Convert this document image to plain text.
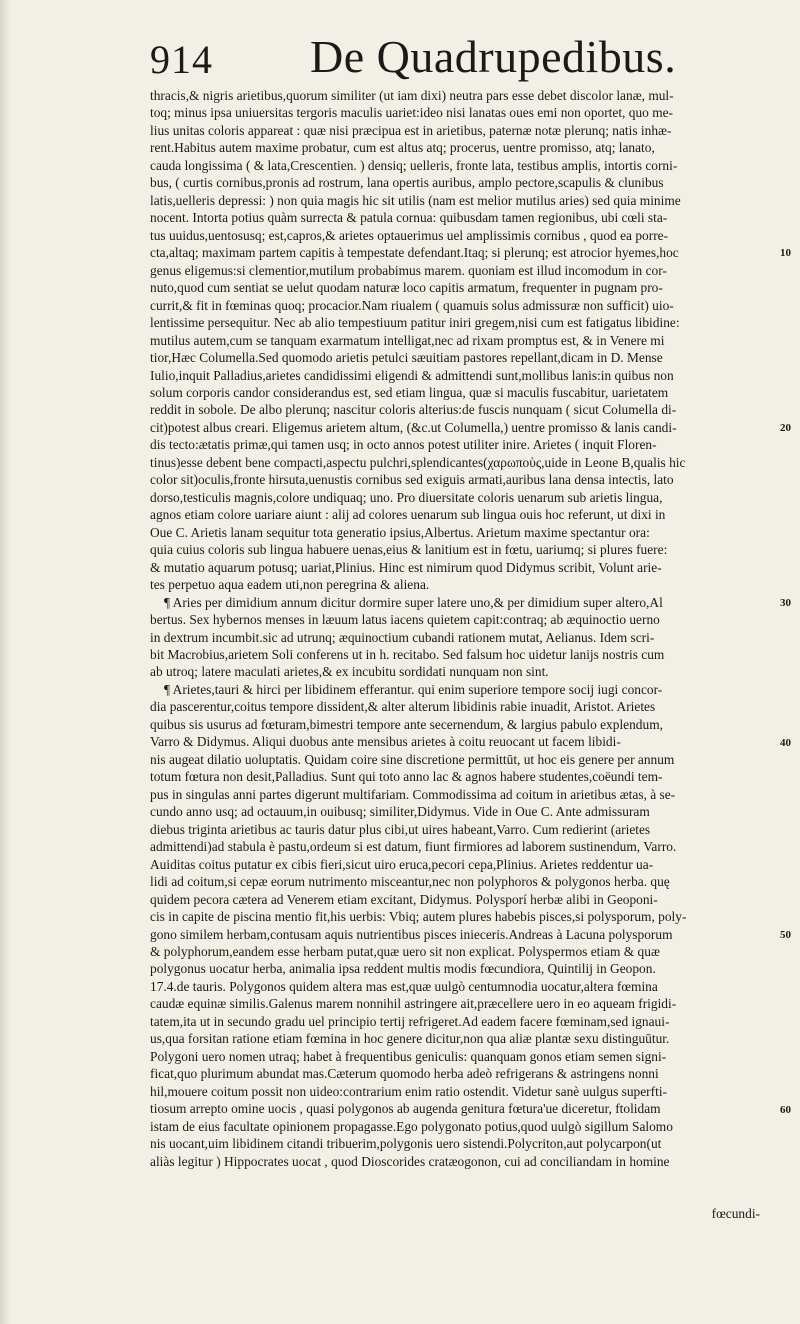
914 De Quadrupedibus.
thracis,& nigris arietibus,quorum similiter (ut iam dixi) neutra pars esse debet discolor lanæ, mul-
toq; minus ipsa uniuersitas tergoris maculis uariet:ideo nisi lanatas oues emi non oportet, quo me-
lius unitas coloris appareat : quæ nisi præcipua est in arietibus, paternæ notæ plerunq; natis inhæ-
rent.Habitus autem maxime probatur, cum est altus atq; procerus, uentre promisso, atq; lanato,
cauda longissima ( & lata,Crescentien. ) densiq; uelleris, fronte lata, testibus amplis, intortis corni-
bus, ( curtis cornibus,pronis ad rostrum, lana opertis auribus, amplo pectore,scapulis & clunibus
latis,uelleris depressi: ) non quia magis hic sit utilis (nam est melior mutilus aries) sed quia minime
nocent. Intorta potius quàm surrecta & patula cornua: quibusdam tamen regionibus, ubi cœli sta-
tus uuidus,uentosusq; est,capros,& arietes optauerimus uel amplissimis cornibus , quod ea porre-
cta,altaq; maximam partem capitis à tempestate defendant.Itaq; si plerunq; est atrocior hyemes,hoc
genus eligemus:si clementior,mutilum probabimus marem. quoniam est illud incomodum in cor-
nuto,quod cum sentiat se uelut quodam naturæ loco capitis armatum, frequenter in pugnam pro-
currit,& fit in fœminas quoq; procacior.Nam riualem ( quamuis solus admissuræ non sufficit) uio-
lentissime persequitur. Nec ab alio tempestiuum patitur iniri gregem,nisi cum est fatigatus libidine:
mutilus autem,cum se tanquam exarmatum intelligat,nec ad rixam promptus est, & in Venere mi
tior,Hæc Columella.Sed quomodo arietis petulci sæuitiam pastores repellant,dicam in D. Mense
Iulio,inquit Palladius,arietes candidissimi eligendi & admittendi sunt,mollibus lanis:in quibus non
solum corporis candor considerandus est, sed etiam lingua, quæ si maculis fuscabitur, uarietatem
reddit in sobole. De albo plerunq; nascitur coloris alterius:de fuscis nunquam ( sicut Columella di-
cit)potest albus creari. Eligemus arietem altum, (&c.ut Columella,) uentre promisso & lanis candi-
dis tecto:ætatis primæ,qui tamen usq; in octo annos potest utiliter inire. Arietes ( inquit Floren-
tinus)esse debent bene compacti,aspectu pulchri,splendicantes(χαρωποὺς,uide in Leone B,qualis hic
color sit)oculis,fronte hirsuta,uenustis cornibus sed exiguis armati,auribus lana densa intectis, lato
dorso,testiculis magnis,colore undiquaq; uno. Pro diuersitate coloris uenarum sub arietis lingua,
agnos etiam colore uariare aiunt : alij ad colores uenarum sub lingua ouis hoc referunt, ut dixi in
Oue C. Arietis lanam sequitur tota generatio ipsius,Albertus. Arietum maxime spectantur ora:
quia cuius coloris sub lingua habuere uenas,eius & lanitium est in fœtu, uariumq; si plures fuere:
& mutatio aquarum potusq; uariat,Plinius. Hinc est nimirum quod Didymus scribit, Volunt arie-
tes perpetuo aqua eadem uti,non peregrina & aliena.
¶ Aries per dimidium annum dicitur dormire super latere uno,& per dimidium super altero,Al
bertus. Sex hybernos menses in læuum latus iacens quietem capit:contraq; ab æquinoctio uerno
in dextrum incumbit.sic ad utrunq; æquinoctium cubandi rationem mutat, Aelianus. Idem scri-
bit Macrobius,arietem Soli conferens ut in h. recitabo. Sed falsum hoc uidetur lanijs nostris cum
ab utroq; latere maculati arietes,& ex incubitu sordidati nunquam non sint.
¶ Arietes,tauri & hirci per libidinem efferantur. qui enim superiore tempore socij iugi concor-
dia pascerentur,coitus tempore dissident,& alter alterum libidinis rabie inuadit, Aristot. Arietes
quibus sis usurus ad fœturam,bimestri tempore ante secernendum, & largius pabulo explendum,
Varro & Didymus. Aliqui duobus ante mensibus arietes à coitu reuocant ut facem libidi-
nis augeat dilatio uoluptatis. Quidam coire sine discretione permittūt, ut hoc eis genere per annum
totum fœtura non desit,Palladius. Sunt qui toto anno lac & agnos habere studentes,coëundi tem-
pus in singulas anni partes digerunt multifariam. Commodissima ad coitum in arietibus ætas, à se-
cundo anno usq; ad octauum,in ouibusq; similiter,Didymus. Vide in Oue C. Ante admissuram
diebus triginta arietibus ac tauris datur plus cibi,ut uires habeant,Varro. Cum redierint (arietes
admittendi)ad stabula è pastu,ordeum si est datum, fiunt firmiores ad laborem sustinendum, Varro.
Auiditas coitus putatur ex cibis fieri,sicut uiro eruca,pecori cepa,Plinius. Arietes reddentur ua-
lidi ad coitum,si cepæ eorum nutrimento misceantur,nec non polyphoros & polygonos herba. quę
quidem pecora cætera ad Venerem etiam excitant, Didymus. Polysporí herbæ alibi in Geoponi-
cis in capite de piscina mentio fit,his uerbis: Vbiq; autem plures habebis pisces,si polysporum, poly-
gono similem herbam,contusam aquis nutrientibus pisces inieceris.Andreas à Lacuna polysporum
& polyphorum,eandem esse herbam putat,quæ uero sit non explicat. Polyspermos etiam & quæ
polygonus uocatur herba, animalia ipsa reddent multis modis fœcundiora, Quintilij in Geopon.
17.4.de tauris. Polygonos quidem altera mas est,quæ uulgò centumnodia uocatur,altera fœmina
caudæ equinæ similis.Galenus marem nonnihil astringere ait,præcellere uero in eo aqueam frigidi-
tatem,ita ut in secundo gradu uel principio tertij refrigeret.Ad eadem facere fœminam,sed ignaui-
us,qua forsitan ratione etiam fœmina in hoc genere dicitur,non qua aliæ plantæ sexu distinguūtur.
Polygoni uero nomen utraq; habet à frequentibus geniculis: quanquam gonos etiam semen signi-
ficat,quo plurimum abundat mas.Cæterum quomodo herba adeò refrigerans & astringens nonni
hil,mouere coitum possit non uideo:contrarium enim ratio ostendit. Videtur sanè uulgus superfti-
tiosum arrepto omine uocis , quasi polygonos ab augenda genitura fœtura'ue diceretur, ftolidam
istam de eius facultate opinionem propagasse.Ego polygonato potius,quod uulgò sigillum Salomo
nis uocant,uim libidinem citandi tribuerim,polygonis uero sistendi.Polycriton,aut polycarpon(ut
aliàs legitur ) Hippocrates uocat , quod Dioscorides cratæogonon, cui ad conciliandam in homine
fœcundi-
10
20
30
40
50
60
